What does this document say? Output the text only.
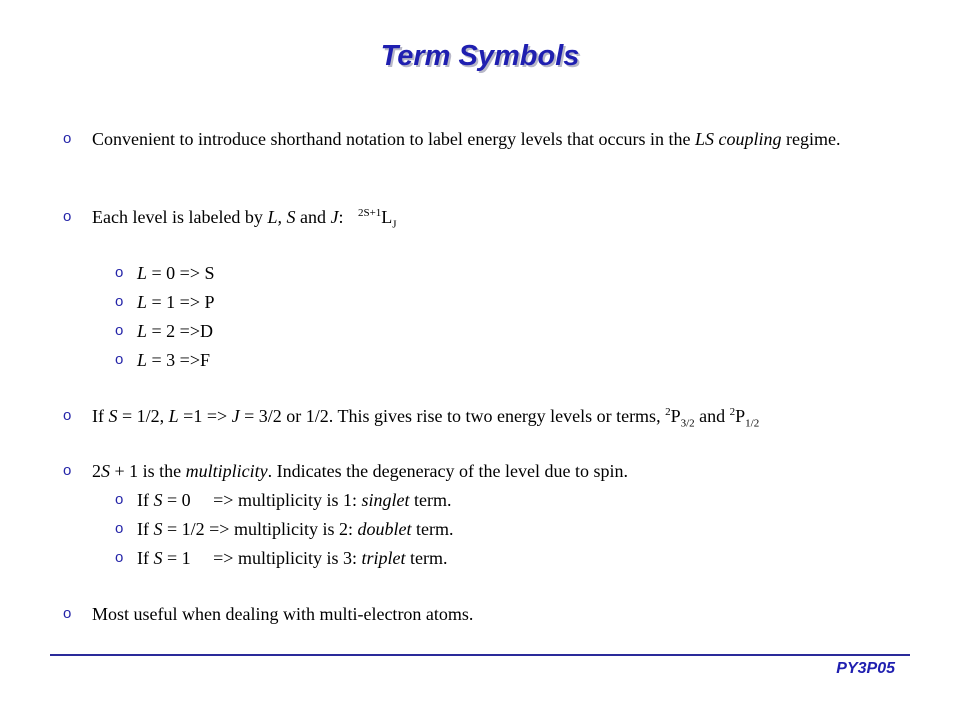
Term Symbols
o Convenient to introduce shorthand notation to label energy levels that occurs in the LS coupling regime.
o Each level is labeled by L, S and J: $^{2S+1}L_J$
o L = 0 => S
o L = 1 => P
o L = 2 =>D
o L = 3 =>F
o If S = 1/2, L =1 => J = 3/2 or 1/2. This gives rise to two energy levels or terms, $^2P_{3/2}$ and $^2P_{1/2}$
o 2S + 1 is the multiplicity. Indicates the degeneracy of the level due to spin.
o If S = 0     => multiplicity is 1: singlet term.
o If S = 1/2 => multiplicity is 2: doublet term.
o If S = 1     => multiplicity is 3: triplet term.
o Most useful when dealing with multi-electron atoms.
PY3P05
